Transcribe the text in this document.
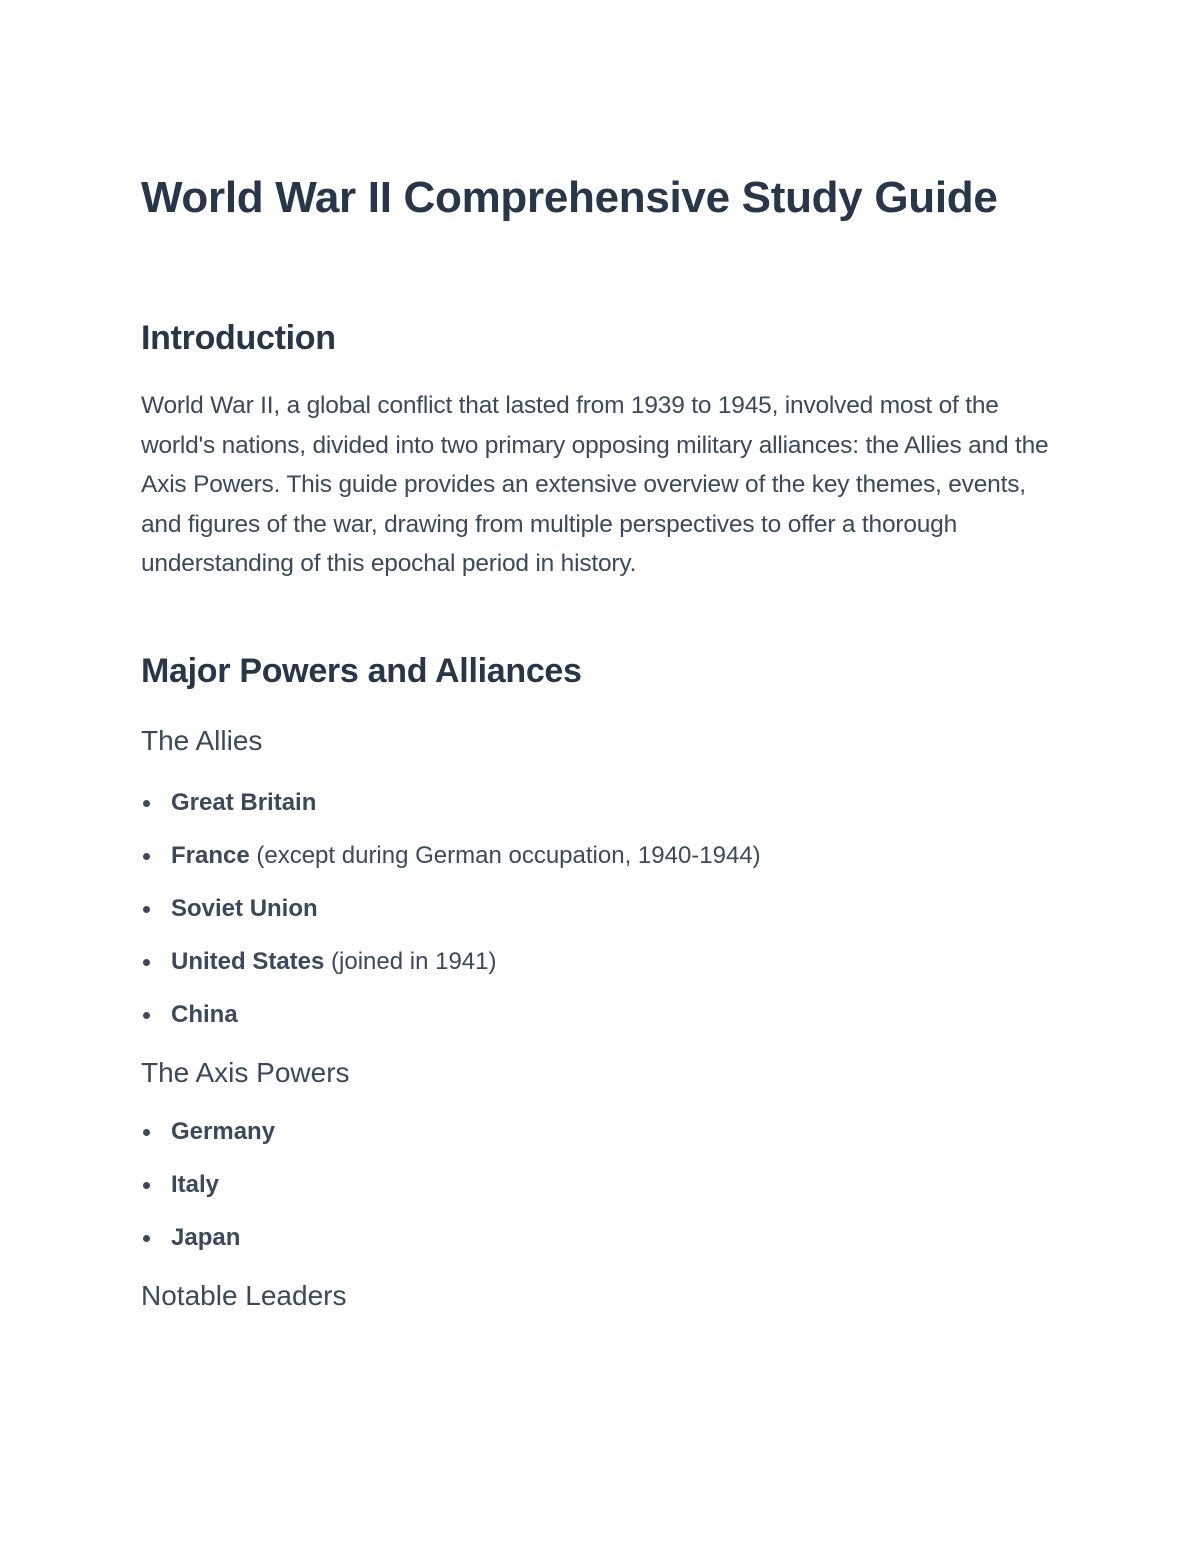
World War II Comprehensive Study Guide
Introduction

World War II, a global conflict that lasted from 1939 to 1945, involved most of the world's nations, divided into two primary opposing military alliances: the Allies and the Axis Powers. This guide provides an extensive overview of the key themes, events, and figures of the war, drawing from multiple perspectives to offer a thorough understanding of this epochal period in history.

Major Powers and Alliances
The Allies
Great Britain
France (except during German occupation, 1940-1944)
Soviet Union
United States (joined in 1941)
China
The Axis Powers
Germany
Italy
Japan
Notable Leaders
